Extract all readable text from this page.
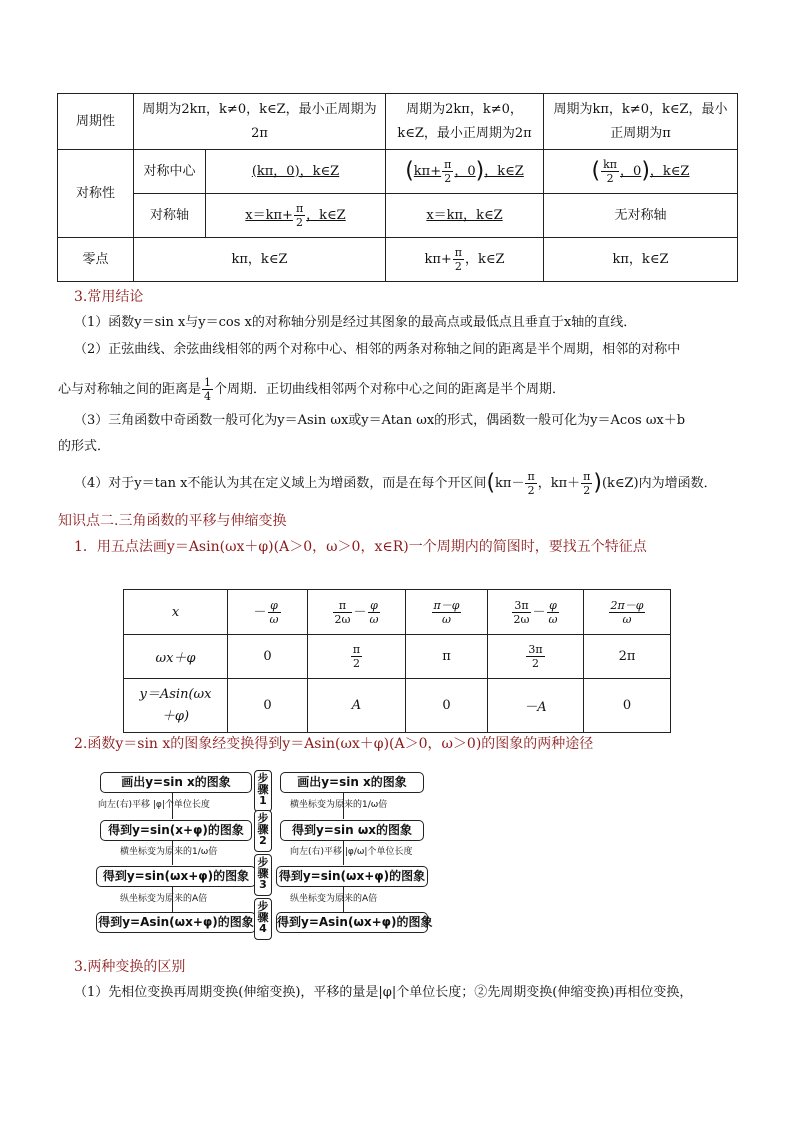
周期性	周期为2kπ，k≠0，k∈Z，最小正周期为2π		周期为2kπ，k≠0，k∈Z，最小正周期为2π	周期为kπ，k≠0，k∈Z，最小正周期为π
对称性	对称中心	(kπ，0)，k∈Z	($k\pi+ \frac{\pi}{2}$ ，0)，k∈Z	( $\frac{k\pi}{2}$ ，0)，k∈Z
	对称轴	$x=k\pi+ \frac{\pi}{2}$ ，k∈Z	x＝kπ，k∈Z	无对称轴
零点	kπ，k∈Z		$k\pi+ \frac{\pi}{2}$ ，k∈Z	kπ，k∈Z
3.常用结论
（1）函数y＝sin x与y＝cos x的对称轴分别是经过其图象的最高点或最低点且垂直于x轴的直线．
（2）正弦曲线、余弦曲线相邻的两个对称中心、相邻的两条对称轴之间的距离是半个周期，相邻的对称中
心与对称轴之间的距离是 $\frac{1}{4}$ 个周期．正切曲线相邻两个对称中心之间的距离是半个周期．
（3）三角函数中奇函数一般可化为y＝Asin ωx或y＝Atan ωx的形式，偶函数一般可化为y＝Acos ωx＋b
的形式．
（4）对于y＝tan x不能认为其在定义域上为增函数，而是在每个开区间($k\pi- \frac{\pi}{2}$ ，$k\pi+ \frac{\pi}{2}$ )(k∈Z)内为增函数．
知识点二.三角函数的平移与伸缩变换
1．用五点法画y＝Asin(ωx＋φ)(A＞0，ω＞0，x∈R)一个周期内的简图时，要找五个特征点
x	－ $\frac{\varphi}{\omega}$	$\frac{\pi}{2\omega} - \frac{\varphi}{\omega}$	$\frac{\pi-\varphi}{\omega}$	$\frac{3\pi}{2\omega} - \frac{\varphi}{\omega}$	$\frac{2\pi-\varphi}{\omega}$

ωx＋φ	0	$\frac{\pi}{2}$	π	$\frac{3\pi}{2}$	2π
y＝Asin(ωx
＋φ)	0	A	0	－A	0
2.函数y＝sin x的图象经变换得到y＝Asin(ωx＋φ)(A＞0，ω＞0)的图象的两种途径
画出y=sin x的图象
得到y=sin(x+φ)的图象
得到y=sin(ωx+φ)的图象
得到y=Asin(ωx+φ)的图象
步骤1
步骤2
步骤3
步骤4
画出y=sin x的图象
得到y=sin ωx的图象
得到y=sin(ωx+φ)的图象
得到y=Asin(ωx+φ)的图象
向左(右)平移 |φ|个单位长度
横坐标变为原来的1/ω倍
纵坐标变为原来的A倍
横坐标变为原来的1/ω倍
向左(右)平移 |φ/ω|个单位长度
纵坐标变为原来的A倍
3.两种变换的区别
（1）先相位变换再周期变换(伸缩变换)，平移的量是|φ|个单位长度；②先周期变换(伸缩变换)再相位变换，
